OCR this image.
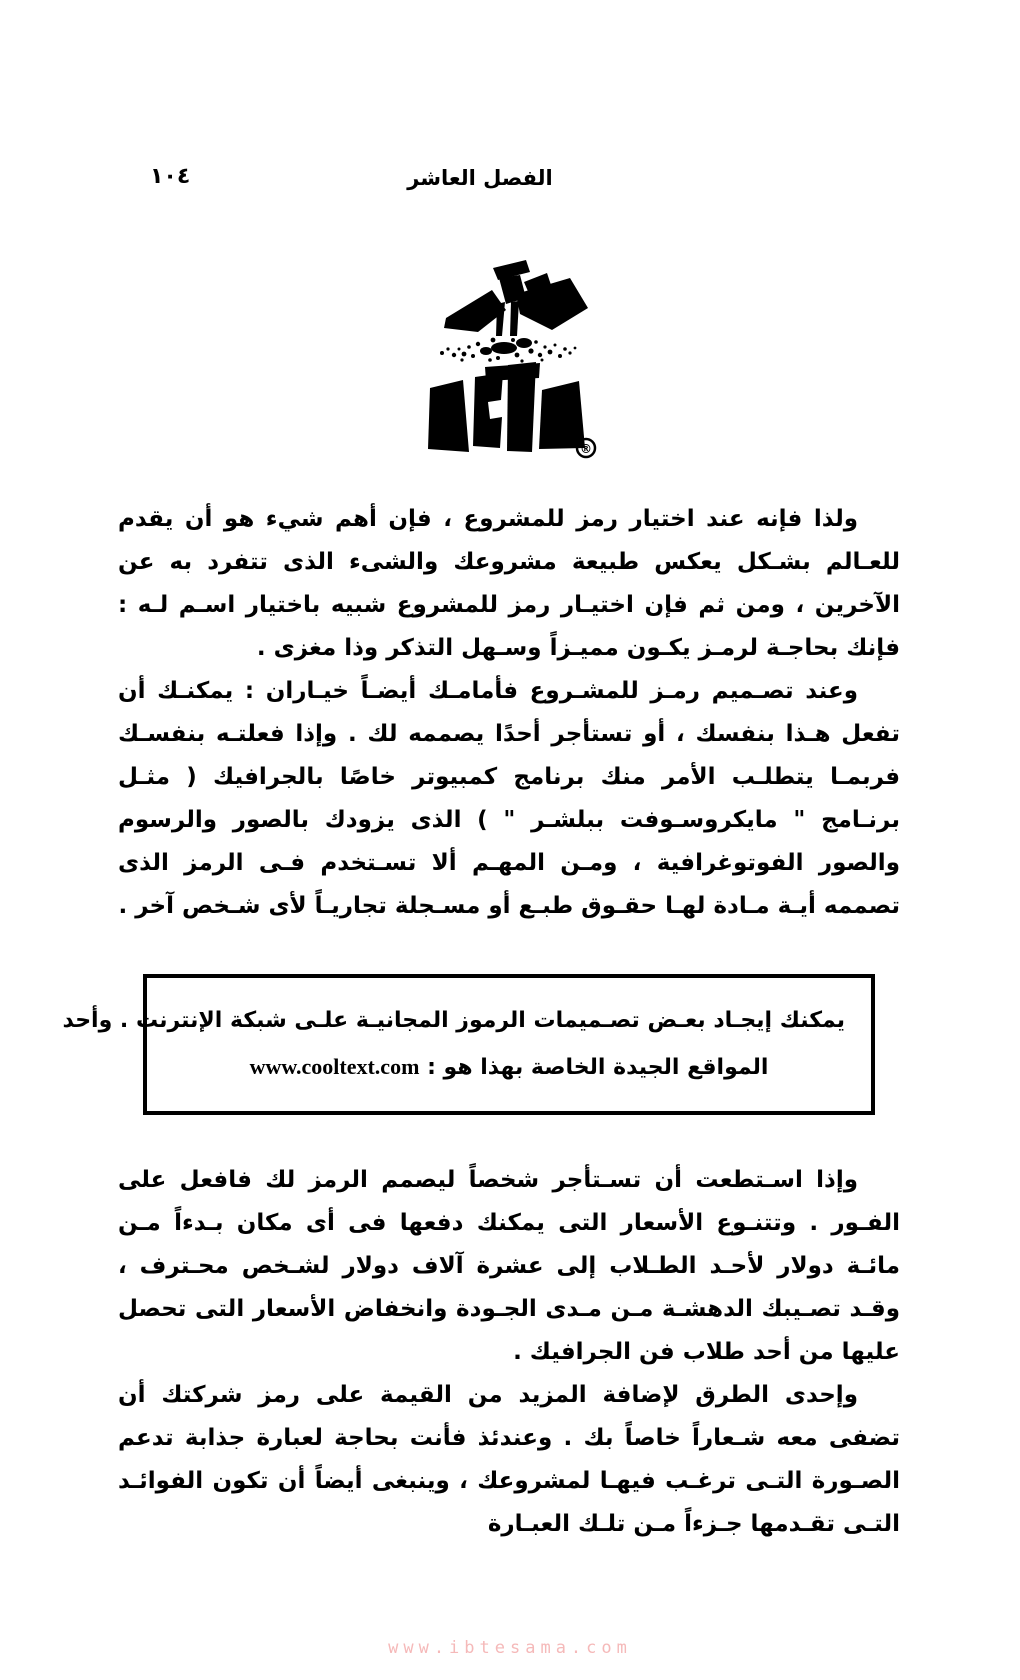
الفصل العاشر
١٠٤
®

ولذا فإنه عند اختيار رمز للمشروع ، فإن أهم شيء هو أن يقدم للعـالم بشـكل يعكس طبيعة مشروعك والشىء الذى تتفرد به عن الآخرين ، ومن ثم فإن اختيـار رمز للمشروع شبيه باختيار اسـم لـه : فإنك بحاجـة لرمـز يكـون مميـزاً وسـهل التذكر وذا مغزى .

وعند تصـميم رمـز للمشـروع فأمامـك أيضـاً خيـاران : يمكنـك أن تفعل هـذا بنفسك ، أو تستأجر أحدًا يصممه لك . وإذا فعلتـه بنفسـك فربمـا يتطلـب الأمر منك برنامج كمبيوتر خاصًا بالجرافيك ( مثـل برنـامج " مايكروسـوفت ببلشـر " ) الذى يزودك بالصور والرسوم والصور الفوتوغرافية ، ومـن المهـم ألا تسـتخدم فـى الرمز الذى تصممه أيـة مـادة لهـا حقـوق طبـع أو مسـجلة تجاريـاً لأى شـخص آخر .

يمكنك إيجـاد بعـض تصـميمات الرموز المجانيـة علـى شبكة الإنترنت . وأحد
المواقع الجيدة الخاصة بهذا هو : www.cooltext.com

وإذا اسـتطعت أن تسـتأجر شخصاً ليصمم الرمز لك فافعل على الفـور . وتتنـوع الأسعار التى يمكنك دفعها فى أى مكان بـدءاً مـن مائـة دولار لأحـد الطـلاب إلى عشرة آلاف دولار لشـخص محـترف ، وقـد تصـيبك الدهشـة مـن مـدى الجـودة وانخفاض الأسعار التى تحصل عليها من أحد طلاب فن الجرافيك .

وإحدى الطرق لإضافة المزيد من القيمة على رمز شركتك أن تضفى معه شـعاراً خاصاً بك . وعندئذ فأنت بحاجة لعبارة جذابة تدعم الصـورة التـى ترغـب فيهـا لمشروعك ، وينبغى أيضاً أن تكون الفوائـد التـى تقـدمها جـزءاً مـن تلـك العبـارة

www.ibtesama.com
